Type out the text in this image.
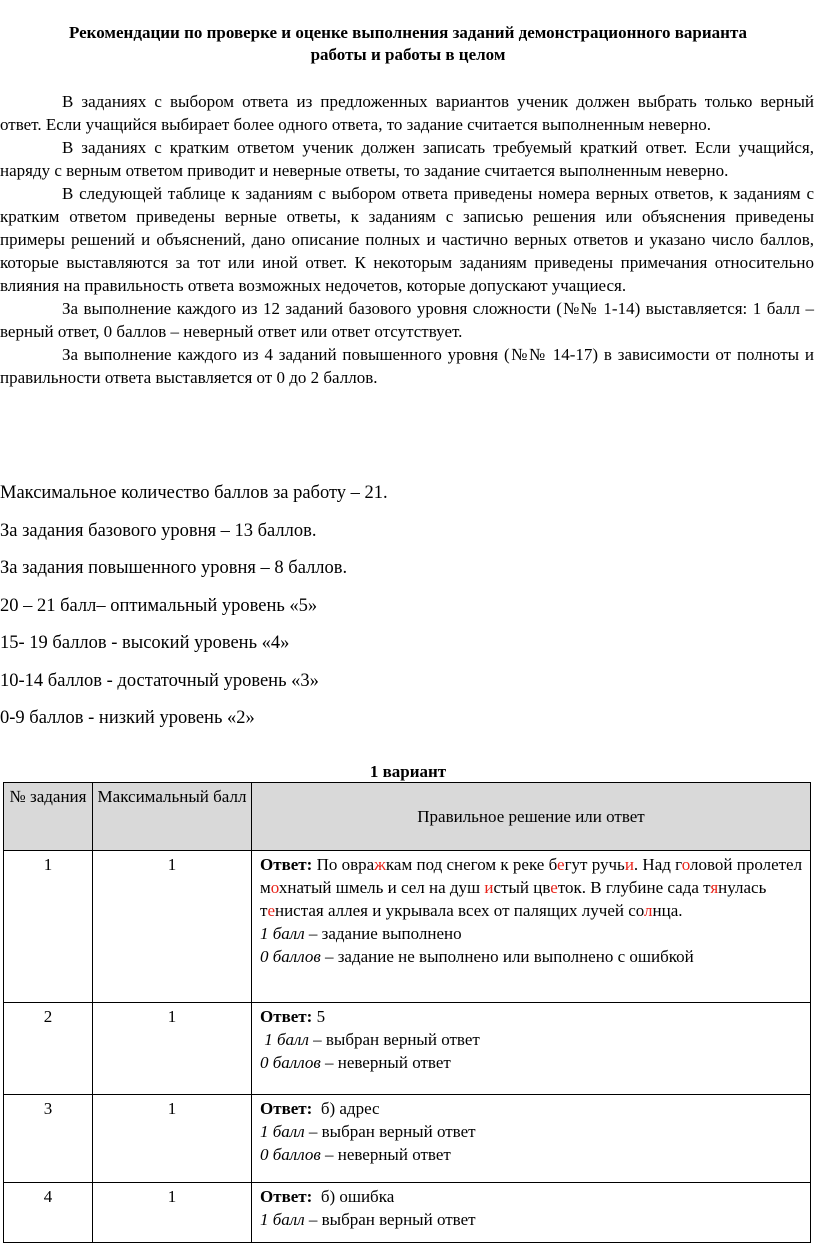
Рекомендации по проверке и оценке выполнения заданий демонстрационного варианта
работы и работы в целом

В заданиях с выбором ответа из предложенных вариантов ученик должен выбрать только верный ответ. Если учащийся выбирает более одного ответа, то задание считается выполненным неверно.

В заданиях с кратким ответом ученик должен записать требуемый краткий ответ. Если учащийся, наряду с верным ответом приводит и неверные ответы, то задание считается выполненным неверно.

В следующей таблице к заданиям с выбором ответа приведены номера верных ответов, к заданиям с кратким ответом приведены верные ответы, к заданиям с записью решения или объяснения приведены примеры решений и объяснений, дано описание полных и частично верных ответов и указано число баллов, которые выставляются за тот или иной ответ. К некоторым заданиям приведены примечания относительно влияния на правильность ответа возможных недочетов, которые допускают учащиеся.

За выполнение каждого из 12 заданий базового уровня сложности (№№ 1-14) выставляется: 1 балл – верный ответ, 0 баллов – неверный ответ или ответ отсутствует.

За выполнение каждого из 4 заданий повышенного уровня (№№ 14-17) в зависимости от полноты и правильности ответа выставляется от 0 до 2 баллов.

Максимальное количество баллов за работу – 21.
За задания базового уровня – 13 баллов.
За задания повышенного уровня – 8 баллов.
20 – 21 балл– оптимальный уровень «5»
15- 19 баллов - высокий уровень «4»
10-14 баллов - достаточный уровень «3»
0-9 баллов - низкий уровень «2»
1 вариант
№ задания	Максимальный балл	Правильное решение или ответ
1	1	Ответ: По овражкам под снегом к реке бегут ручьи. Над головой пролетел мохнатый шмель и сел на душ истый цветок. В глубине сада тянулась тенистая аллея и укрывала всех от палящих лучей солнца.
1 балл – задание выполнено
0 баллов – задание не выполнено или выполнено с ошибкой

2	1	Ответ: 5
1 балл – выбран верный ответ
0 баллов – неверный ответ

3	1	Ответ:  б) адрес
1 балл – выбран верный ответ
0 баллов – неверный ответ

4	1	Ответ:  б) ошибка
1 балл – выбран верный ответ
